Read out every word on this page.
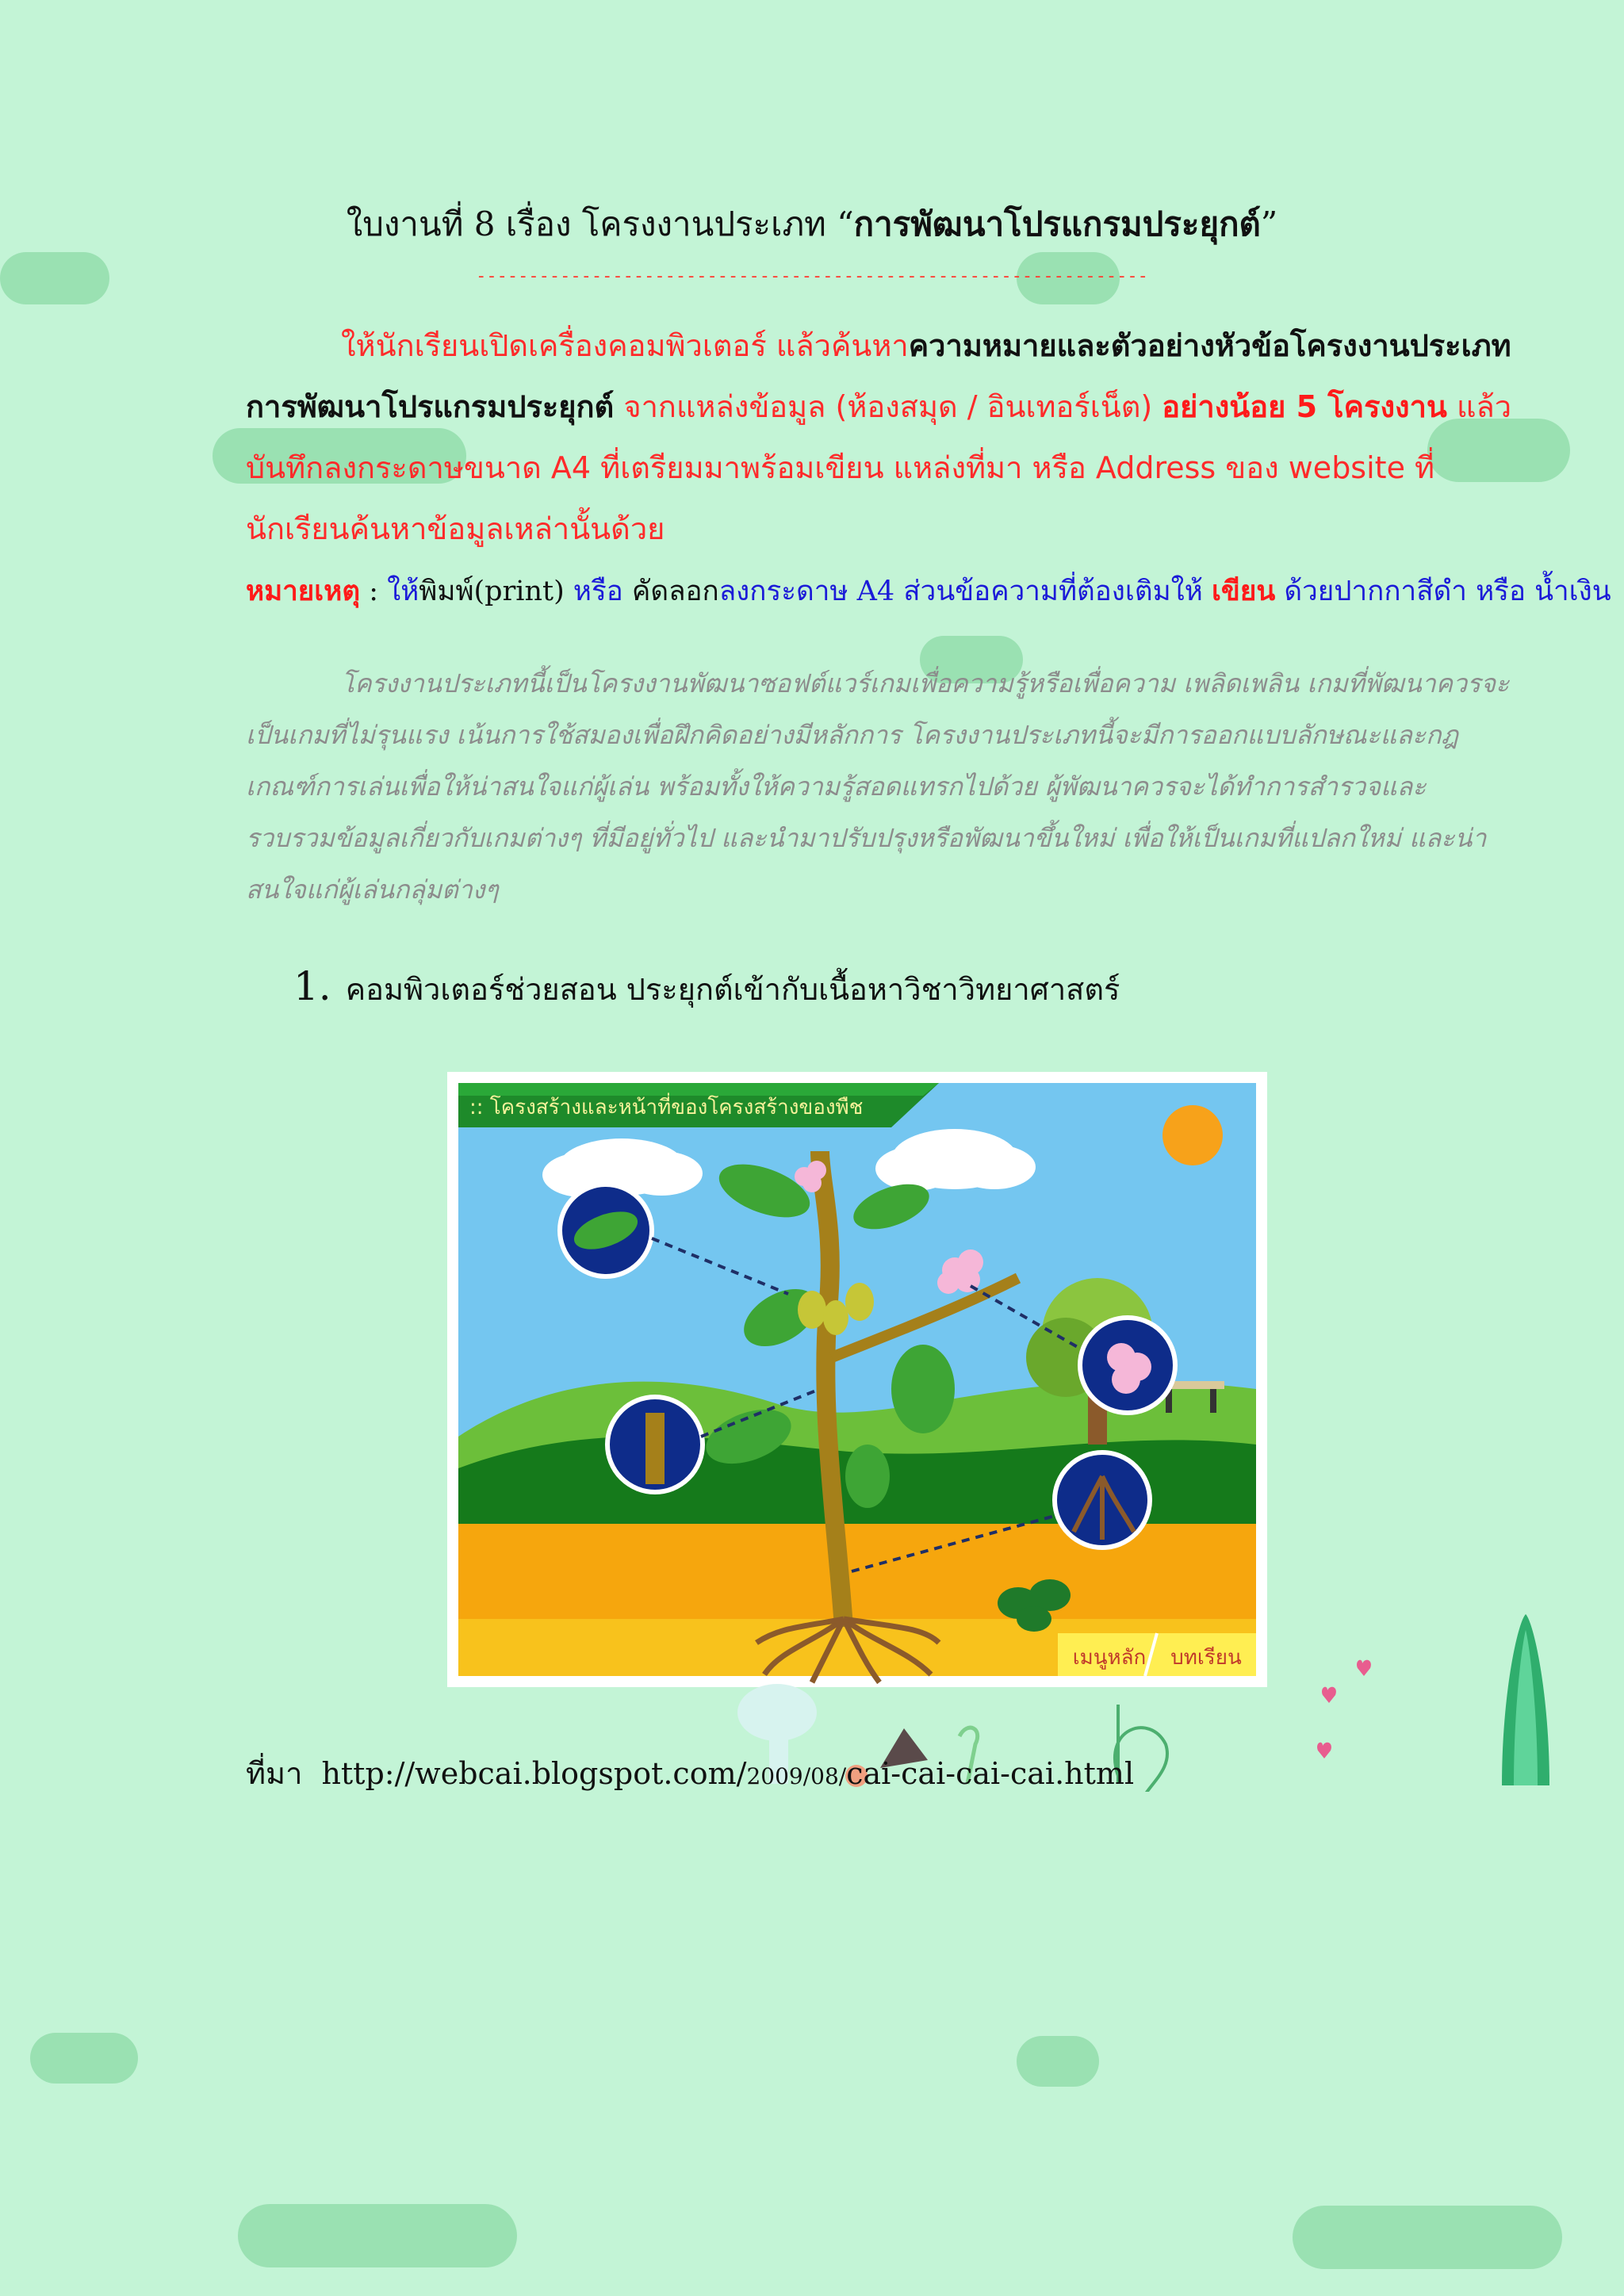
ใบงานที่ 8 เรื่อง โครงงานประเภท “การพัฒนาโปรแกรมประยุกต์”
----------------------------------------------------------------
ให้นักเรียนเปิดเครื่องคอมพิวเตอร์ แล้วค้นหาความหมายและตัวอย่างหัวข้อโครงงานประเภทการพัฒนาโปรแกรมประยุกต์ จากแหล่งข้อมูล (ห้องสมุด / อินเทอร์เน็ต) อย่างน้อย 5 โครงงาน แล้วบันทึกลงกระดาษขนาด A4 ที่เตรียมมาพร้อมเขียน แหล่งที่มา หรือ Address ของ website ที่นักเรียนค้นหาข้อมูลเหล่านั้นด้วย
หมายเหตุ : ให้พิมพ์(print) หรือ คัดลอกลงกระดาษ A4 ส่วนข้อความที่ต้องเติมให้ เขียน ด้วยปากกาสีดำ หรือ น้ำเงิน
โครงงานประเภทนี้เป็นโครงงานพัฒนาซอฟต์แวร์เกมเพื่อความรู้หรือเพื่อความ เพลิดเพลิน เกมที่พัฒนาควรจะเป็นเกมที่ไม่รุนแรง เน้นการใช้สมองเพื่อฝึกคิดอย่างมีหลักการ โครงงานประเภทนี้จะมีการออกแบบลักษณะและกฎเกณฑ์การเล่นเพื่อให้น่าสนใจแก่ผู้เล่น พร้อมทั้งให้ความรู้สอดแทรกไปด้วย ผู้พัฒนาควรจะได้ทำการสำรวจและรวบรวมข้อมูลเกี่ยวกับเกมต่างๆ ที่มีอยู่ทั่วไป และนำมาปรับปรุงหรือพัฒนาขึ้นใหม่ เพื่อให้เป็นเกมที่แปลกใหม่ และน่าสนใจแก่ผู้เล่นกลุ่มต่างๆ
1. คอมพิวเตอร์ช่วยสอน ประยุกต์เข้ากับเนื้อหาวิชาวิทยาศาสตร์
:: โครงสร้างและหน้าที่ของโครงสร้างของพืช
เมนูหลัก	บทเรียน
ที่มา http://webcai.blogspot.com/2009/08/cai-cai-cai-cai.html
